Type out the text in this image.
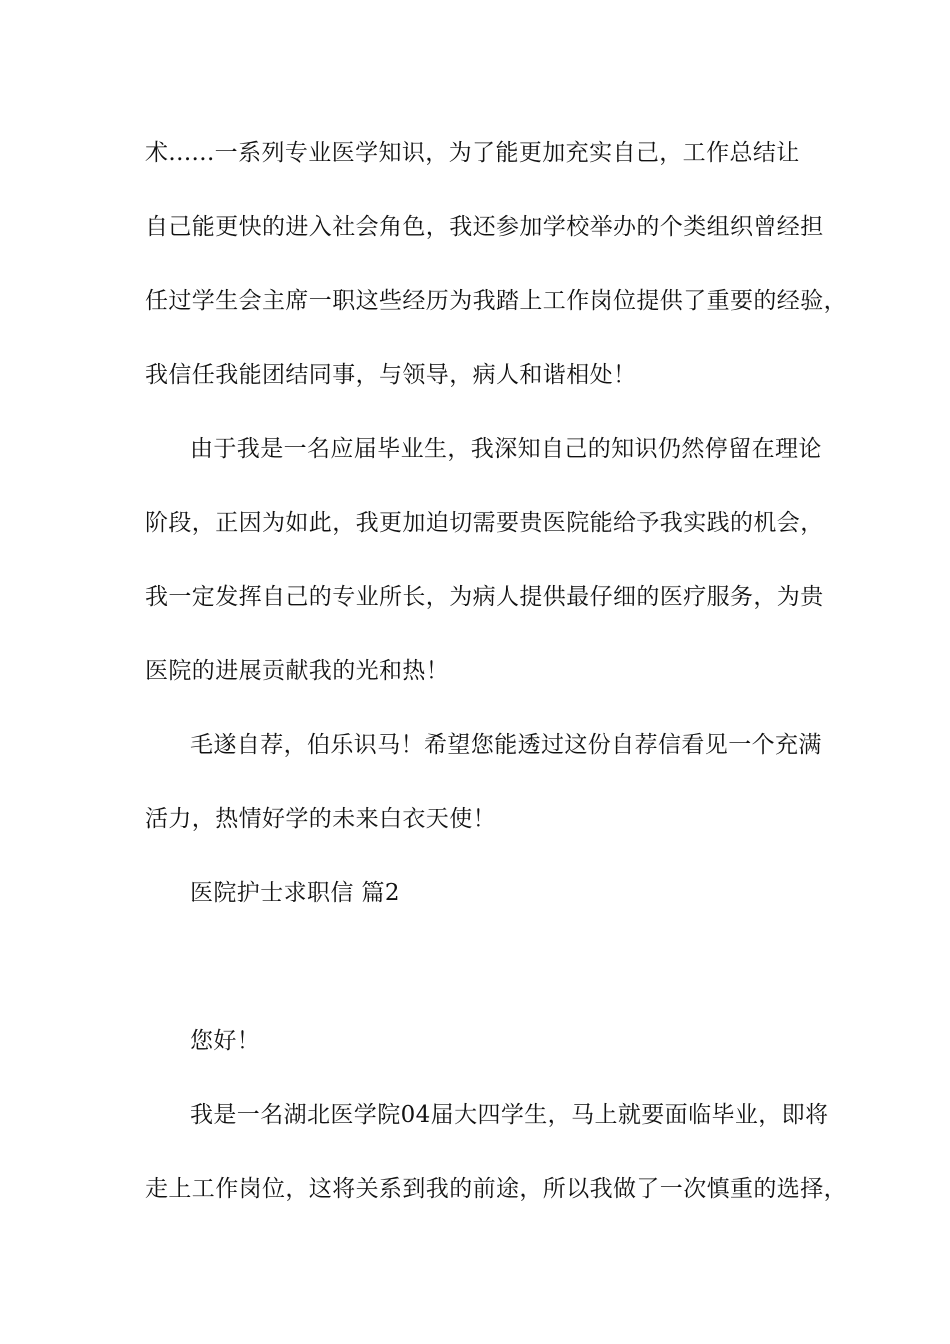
术......一系列专业医学知识，为了能更加充实自己，工作总结让
自己能更快的进入社会角色，我还参加学校举办的个类组织曾经担
任过学生会主席一职这些经历为我踏上工作岗位提供了重要的经验，
我信任我能团结同事，与领导，病人和谐相处！
由于我是一名应届毕业生，我深知自己的知识仍然停留在理论
阶段，正因为如此，我更加迫切需要贵医院能给予我实践的机会，
我一定发挥自己的专业所长，为病人提供最仔细的医疗服务，为贵
医院的进展贡献我的光和热！
毛遂自荐，伯乐识马！希望您能透过这份自荐信看见一个充满
活力，热情好学的未来白衣天使！
医院护士求职信 篇2
您好！
我是一名湖北医学院04届大四学生，马上就要面临毕业，即将
走上工作岗位，这将关系到我的前途，所以我做了一次慎重的选择，
